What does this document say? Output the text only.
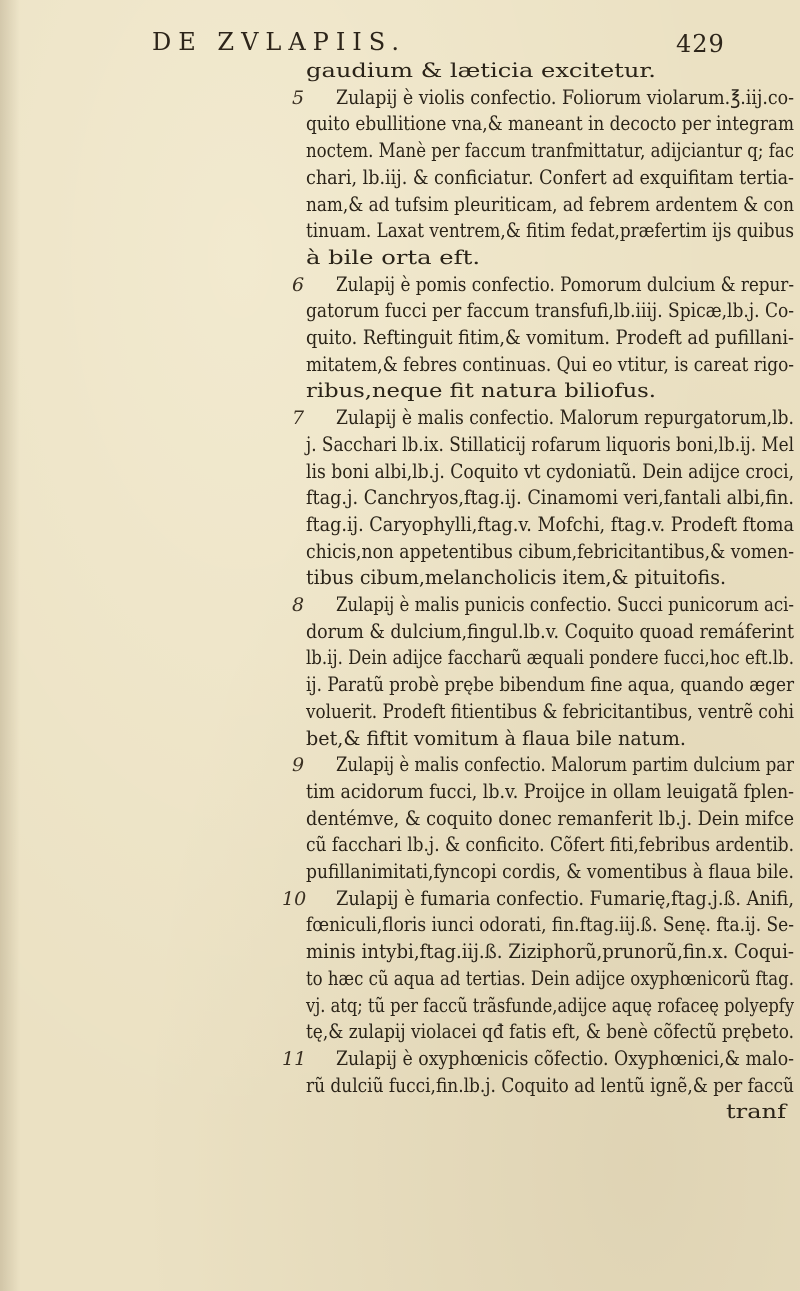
DE ZVLAPIIS.	429
gaudium & læticia excitetur.
5 Zulapij è violis confectio. Foliorum violarum.℥.iij.co-
quito ebullitione vna,& maneant in decocto per integram
noctem. Manè per faccum tranfmittatur, adijciantur q; fac
chari, lb.iij. & conficiatur. Confert ad exquifitam tertia-
nam,& ad tufsim pleuriticam, ad febrem ardentem & con
tinuam. Laxat ventrem,& fitim fedat,præfertim ijs quibus
à bile orta eft.
6 Zulapij è pomis confectio. Pomorum dulcium & repur-
gatorum fucci per faccum transfufi,lb.iiij. Spicæ,lb.j. Co-
quito. Reftinguit fitim,& vomitum. Prodeft ad pufillani-
mitatem,& febres continuas. Qui eo vtitur, is careat rigo-
ribus,neque fit natura biliofus.
7 Zulapij è malis confectio. Malorum repurgatorum,lb.
j. Sacchari lb.ix. Stillaticij rofarum liquoris boni,lb.ij. Mel
lis boni albi,lb.j. Coquito vt cydoniatũ. Dein adijce croci,
ftag.j. Canchryos,ftag.ij. Cinamomi veri,fantali albi,fin.
ftag.ij. Caryophylli,ftag.v. Mofchi, ftag.v. Prodeft ftoma
chicis,non appetentibus cibum,febricitantibus,& vomen-
tibus cibum,melancholicis item,& pituitofis.
8 Zulapij è malis punicis confectio. Succi punicorum aci-
dorum & dulcium,fingul.lb.v. Coquito quoad remáferint
lb.ij. Dein adijce faccharũ æquali pondere fucci,hoc eft.lb.
ij. Paratũ probè prębe bibendum fine aqua, quando æger
voluerit. Prodeft fitientibus & febricitantibus, ventrẽ cohi
bet,& fiftit vomitum à flaua bile natum.
9 Zulapij è malis confectio. Malorum partim dulcium par
tim acidorum fucci, lb.v. Proijce in ollam leuigatã fplen-
dentémve, & coquito donec remanferit lb.j. Dein mifce
cũ facchari lb.j. & conficito. Cõfert fiti,febribus ardentib.
pufillanimitati,fyncopi cordis, & vomentibus à flaua bile.
10 Zulapij è fumaria confectio. Fumarię,ftag.j.ß. Anifi,
fœniculi,floris iunci odorati, fin.ftag.iij.ß. Senę. fta.ij. Se-
minis intybi,ftag.iij.ß. Ziziphorũ,prunorũ,fin.x. Coqui-
to hæc cũ aqua ad tertias. Dein adijce oxyphœnicorũ ftag.
vj. atq; tũ per faccũ trãsfunde,adijce aquę rofaceę polyepfy
tę,& zulapij violacei qđ fatis eft, & benè cõfectũ prębeto.
11 Zulapij è oxyphœnicis cõfectio. Oxyphœnici,& malo-
rũ dulciũ fucci,fin.lb.j. Coquito ad lentũ ignẽ,& per faccũ
tranf
